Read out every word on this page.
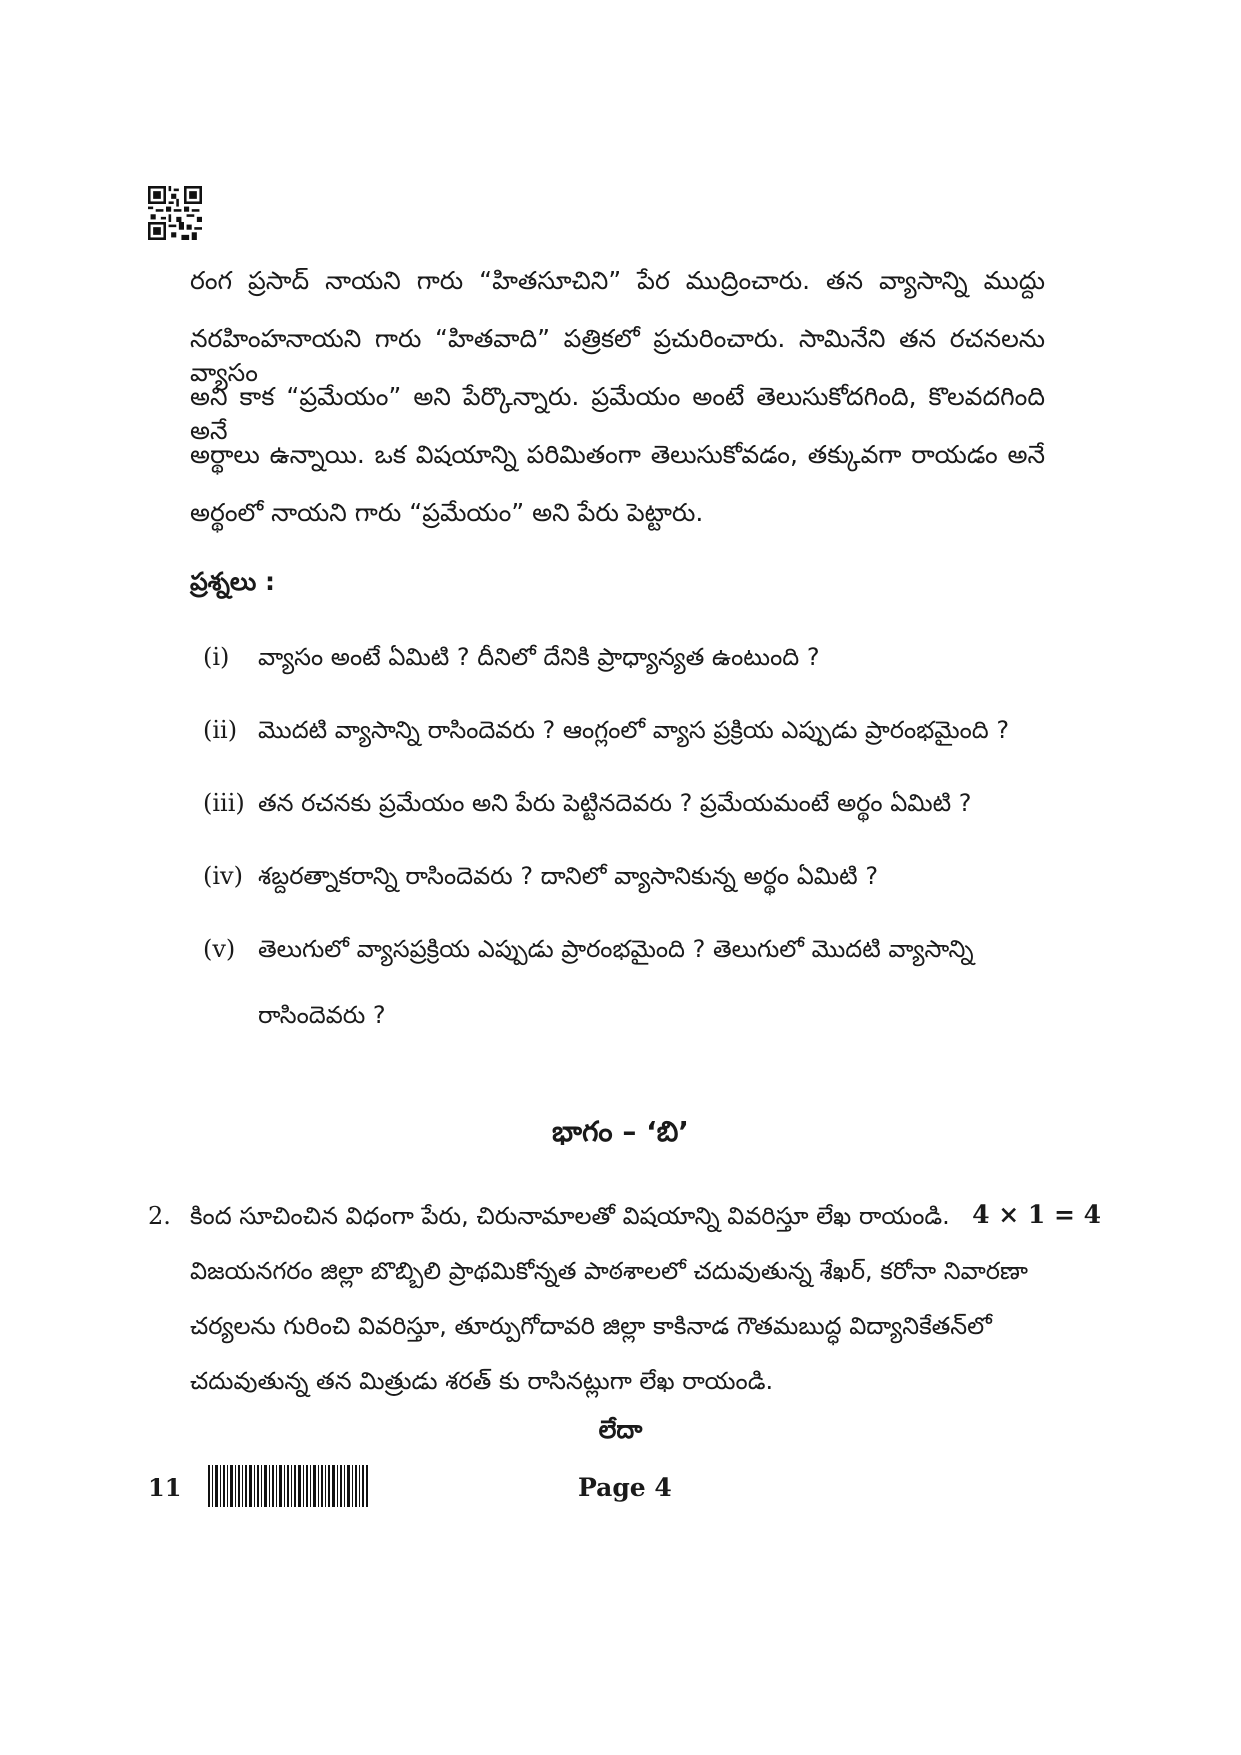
రంగ ప్రసాద్ నాయని గారు “హితసూచిని” పేర ముద్రించారు. తన వ్యాసాన్ని ముద్దు
నరహింహనాయని గారు “హితవాది” పత్రికలో ప్రచురించారు. సామినేని తన రచనలను వ్యాసం
అని కాక “ప్రమేయం” అని పేర్కొన్నారు. ప్రమేయం అంటే తెలుసుకోదగింది, కొలవదగింది అనే
అర్థాలు ఉన్నాయి. ఒక విషయాన్ని పరిమితంగా తెలుసుకోవడం, తక్కువగా రాయడం అనే
అర్థంలో నాయని గారు “ప్రమేయం” అని పేరు పెట్టారు.
ప్రశ్నలు :
(i) వ్యాసం అంటే ఏమిటి ? దీనిలో దేనికి ప్రాధ్యాన్యత ఉంటుంది ?
(ii) మొదటి వ్యాసాన్ని రాసిందెవరు ? ఆంగ్లంలో వ్యాస ప్రక్రియ ఎప్పుడు ప్రారంభమైంది ?
(iii) తన రచనకు ప్రమేయం అని పేరు పెట్టినదెవరు ? ప్రమేయమంటే అర్థం ఏమిటి ?
(iv) శబ్దరత్నాకరాన్ని రాసిందెవరు ? దానిలో వ్యాసానికున్న అర్థం ఏమిటి ?
(v) తెలుగులో వ్యాసప్రక్రియ ఎప్పుడు ప్రారంభమైంది ? తెలుగులో మొదటి వ్యాసాన్ని
రాసిందెవరు ?
భాగం – ‘బి’
2. కింద సూచించిన విధంగా పేరు, చిరునామాలతో విషయాన్ని వివరిస్తూ లేఖ రాయండి. 4 × 1 = 4
విజయనగరం జిల్లా బొబ్బిలి ప్రాథమికోన్నత పాఠశాలలో చదువుతున్న శేఖర్, కరోనా నివారణా
చర్యలను గురించి వివరిస్తూ, తూర్పుగోదావరి జిల్లా కాకినాడ గౌతమబుద్ధ విద్యానికేతన్‌లో
చదువుతున్న తన మిత్రుడు శరత్ కు రాసినట్లుగా లేఖ రాయండి.
లేదా
11	Page 4
